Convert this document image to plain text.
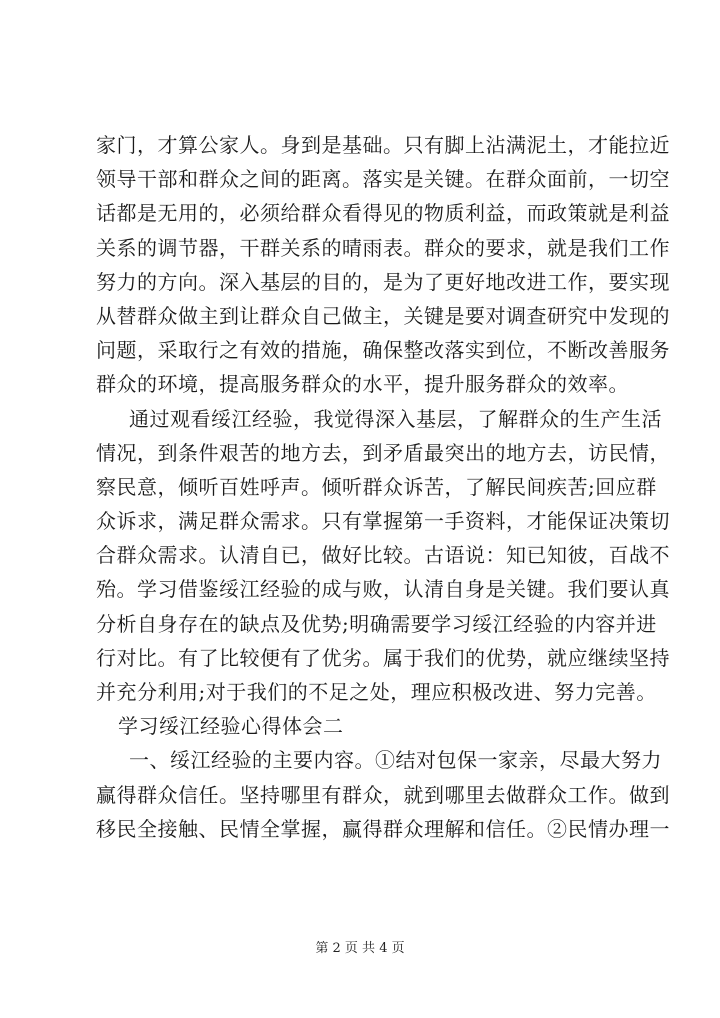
家门，才算公家人。身到是基础。只有脚上沾满泥土，才能拉近
领导干部和群众之间的距离。落实是关键。在群众面前，一切空
话都是无用的，必须给群众看得见的物质利益，而政策就是利益
关系的调节器，干群关系的晴雨表。群众的要求，就是我们工作
努力的方向。深入基层的目的，是为了更好地改进工作，要实现
从替群众做主到让群众自己做主，关键是要对调查研究中发现的
问题，采取行之有效的措施，确保整改落实到位，不断改善服务
群众的环境，提高服务群众的水平，提升服务群众的效率。
通过观看绥江经验，我觉得深入基层，了解群众的生产生活
情况，到条件艰苦的地方去，到矛盾最突出的地方去，访民情，
察民意，倾听百姓呼声。倾听群众诉苦，了解民间疾苦;回应群
众诉求，满足群众需求。只有掌握第一手资料，才能保证决策切
合群众需求。认清自已，做好比较。古语说：知已知彼，百战不
殆。学习借鉴绥江经验的成与败，认清自身是关键。我们要认真
分析自身存在的缺点及优势;明确需要学习绥江经验的内容并进
行对比。有了比较便有了优劣。属于我们的优势，就应继续坚持
并充分利用;对于我们的不足之处，理应积极改进、努力完善。
学习绥江经验心得体会二
一、绥江经验的主要内容。①结对包保一家亲，尽最大努力
赢得群众信任。坚持哪里有群众，就到哪里去做群众工作。做到
移民全接触、民情全掌握，赢得群众理解和信任。②民情办理一
第 2 页 共 4 页
